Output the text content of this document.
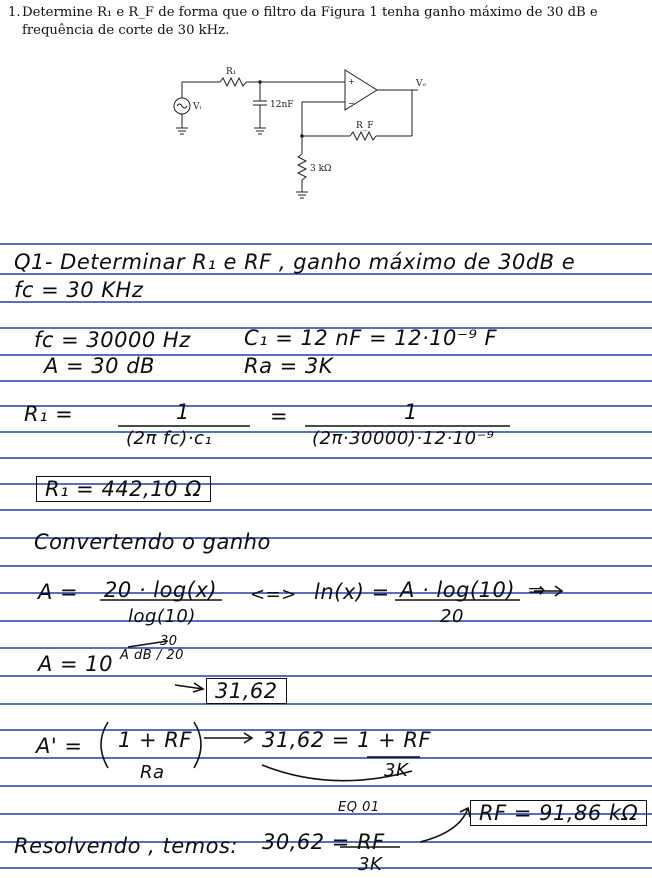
1. Determine R₁ e R_F de forma que o filtro da Figura 1 tenha ganho máximo de 30 dB e frequência de corte de 30 kHz.
+
−
R₁
Vᵢ	12nF
R_F
3 kΩ
Vₒ
Q1- Determinar R₁ e RF , ganho máximo de 30dB e
fc = 30 KHz
fc = 30000 Hz	C₁ = 12 nF = 12·10⁻⁹ F
A = 30 dB	Ra = 3K
R₁ =	1
(2π fc)·c₁
=	1
(2π·30000)·12·10⁻⁹
R₁ = 442,10 Ω
Convertendo o ganho
A = 20 · log(x)
log(10)
<=> ln(x) = A · log(10)
20
⇒
A = 10 A dB / 20
30
31,62
A' = 1 + RF
Ra
31,62 = 1 + RF
3K
EQ 01	RF = 91,86 kΩ
Resolvendo , temos: 30,62 = RF
3K
